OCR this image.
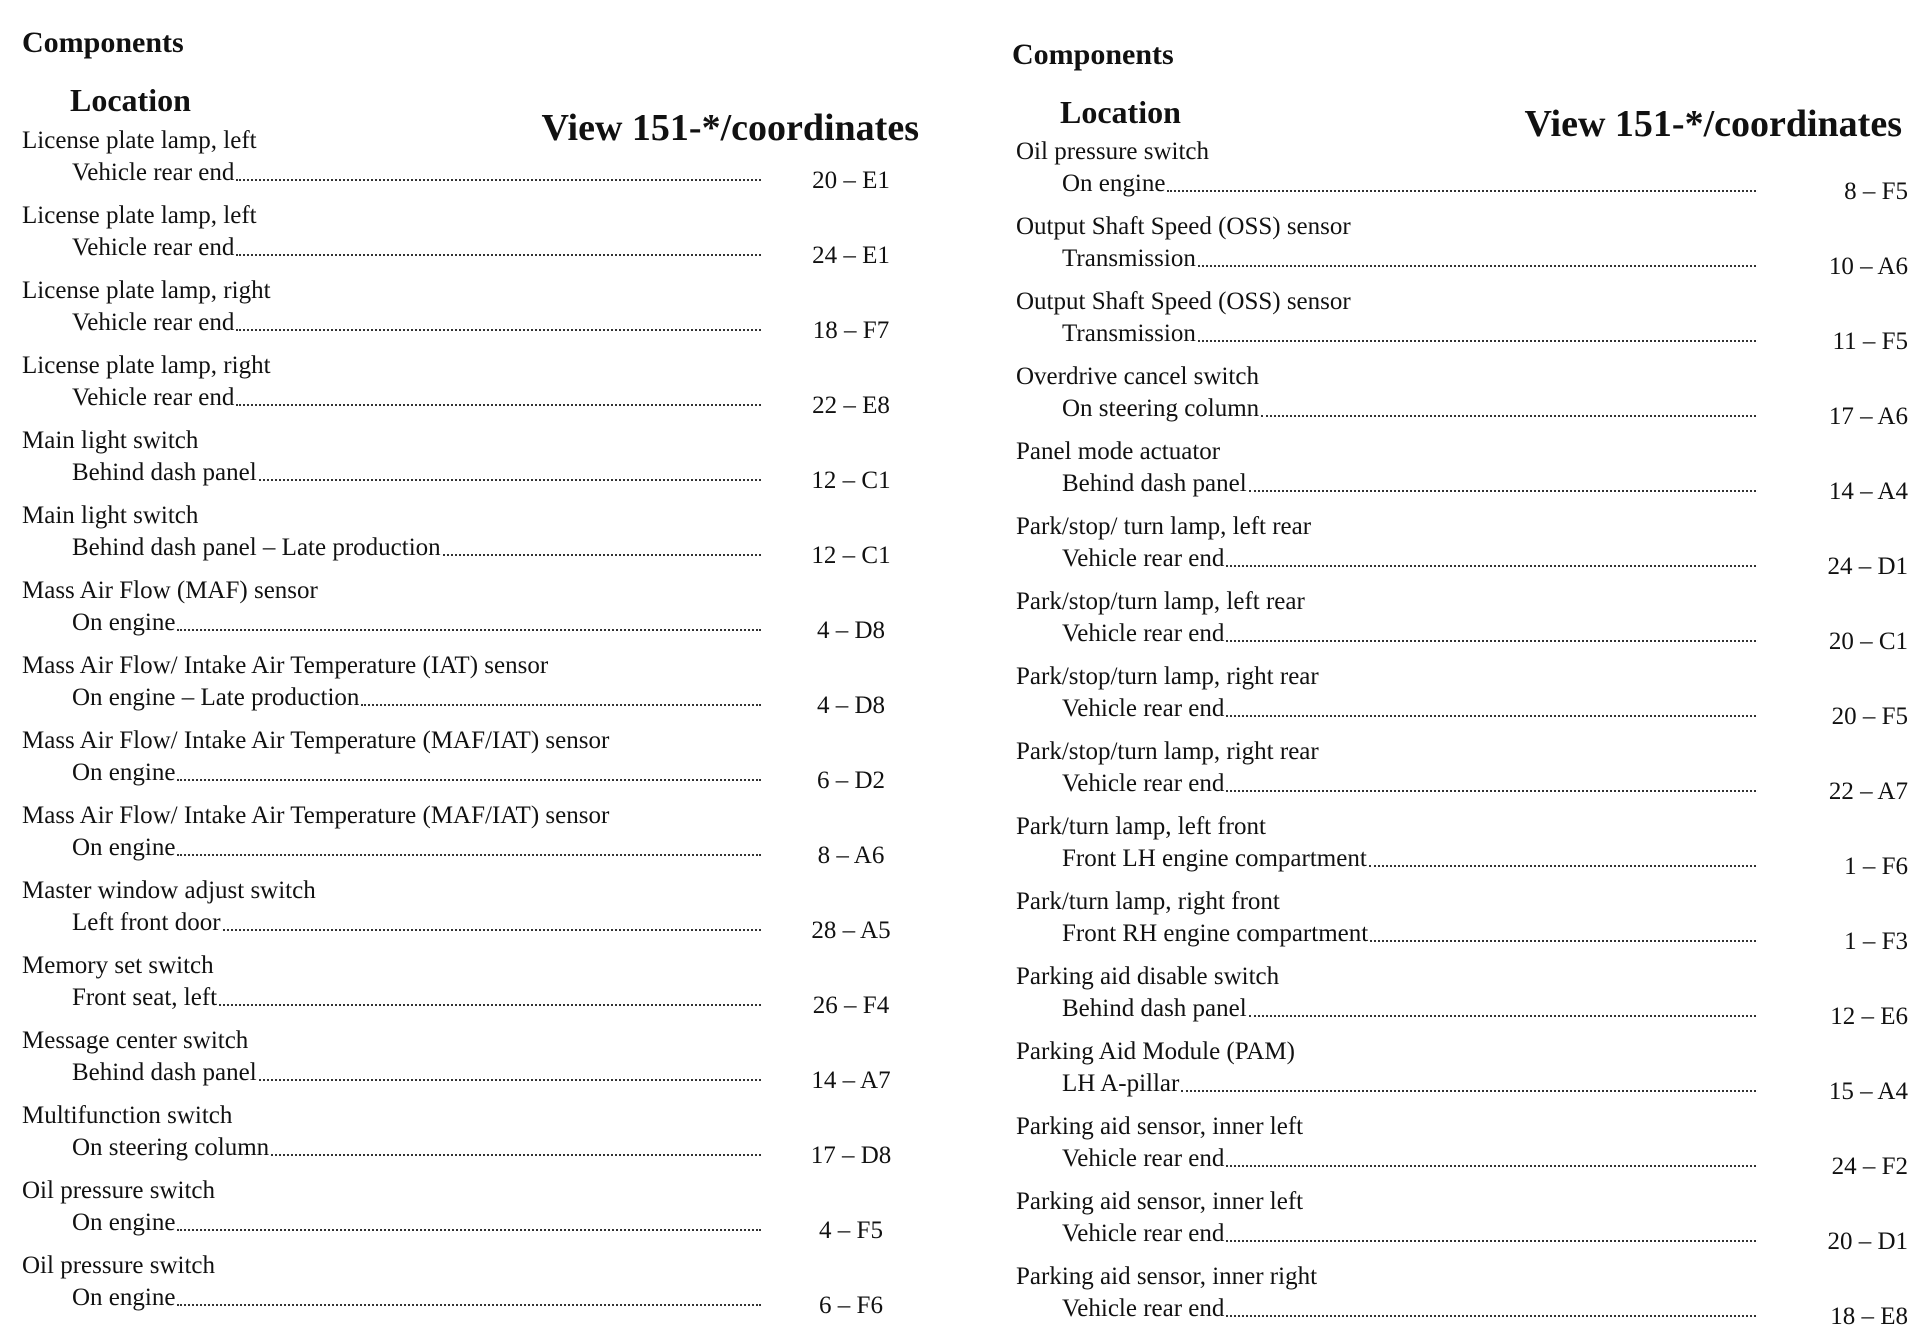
Components
Location
View 151-*/coordinates
License plate lamp, left
Vehicle rear end	20 – E1
License plate lamp, left
Vehicle rear end	24 – E1
License plate lamp, right
Vehicle rear end	18 – F7
License plate lamp, right
Vehicle rear end	22 – E8
Main light switch
Behind dash panel	12 – C1
Main light switch
Behind dash panel – Late production	12 – C1
Mass Air Flow (MAF) sensor
On engine	4 – D8
Mass Air Flow/ Intake Air Temperature (IAT) sensor
On engine – Late production	4 – D8
Mass Air Flow/ Intake Air Temperature (MAF/IAT) sensor
On engine	6 – D2
Mass Air Flow/ Intake Air Temperature (MAF/IAT) sensor
On engine	8 – A6
Master window adjust switch
Left front door	28 – A5
Memory set switch
Front seat, left	26 – F4
Message center switch
Behind dash panel	14 – A7
Multifunction switch
On steering column	17 – D8
Oil pressure switch
On engine	4 – F5
Oil pressure switch
On engine	6 – F6
Components
Location	View 151-*/coordinates
Oil pressure switch
On engine	8 – F5
Output Shaft Speed (OSS) sensor
Transmission	10 – A6
Output Shaft Speed (OSS) sensor
Transmission	11 – F5
Overdrive cancel switch
On steering column	17 – A6
Panel mode actuator
Behind dash panel	14 – A4
Park/stop/ turn lamp, left rear
Vehicle rear end	24 – D1
Park/stop/turn lamp, left rear
Vehicle rear end	20 – C1
Park/stop/turn lamp, right rear
Vehicle rear end	20 – F5
Park/stop/turn lamp, right rear
Vehicle rear end	22 – A7
Park/turn lamp, left front
Front LH engine compartment	1 – F6
Park/turn lamp, right front
Front RH engine compartment	1 – F3
Parking aid disable switch
Behind dash panel	12 – E6
Parking Aid Module (PAM)
LH A-pillar	15 – A4
Parking aid sensor, inner left
Vehicle rear end	24 – F2
Parking aid sensor, inner left
Vehicle rear end	20 – D1
Parking aid sensor, inner right
Vehicle rear end	18 – E8
